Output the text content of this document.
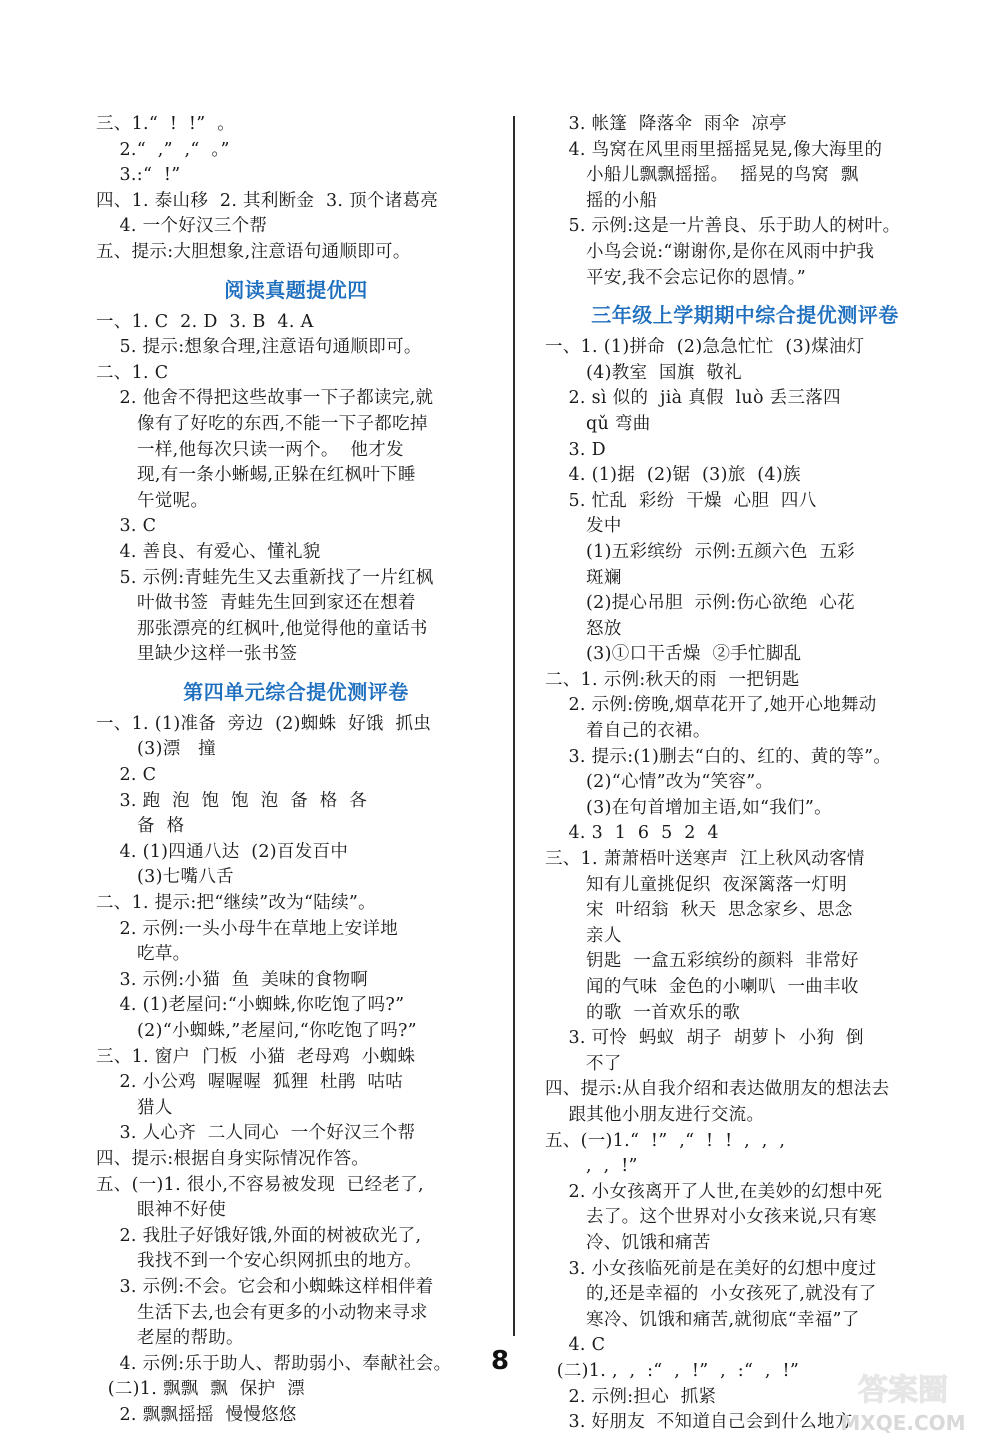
三、1.“  !  !”  。
2.“  ,”  ,“  。”
3.:“  !”
四、1. 泰山移  2. 其利断金  3. 顶个诸葛亮
4. 一个好汉三个帮
五、提示:大胆想象,注意语句通顺即可。
阅读真题提优四
一、1. C  2. D  3. B  4. A
5. 提示:想象合理,注意语句通顺即可。
二、1. C
2. 他舍不得把这些故事一下子都读完,就
像有了好吃的东西,不能一下子都吃掉
一样,他每次只读一两个。  他才发
现,有一条小蜥蜴,正躲在红枫叶下睡
午觉呢。
3. C
4. 善良、有爱心、懂礼貌
5. 示例:青蛙先生又去重新找了一片红枫
叶做书签  青蛙先生回到家还在想着
那张漂亮的红枫叶,他觉得他的童话书
里缺少这样一张书签
第四单元综合提优测评卷
一、1. (1)准备  旁边  (2)蜘蛛  好饿  抓虫
(3)漂   撞
2. C
3. 跑  泡  饱  饱  泡  备  格  各
备  格
4. (1)四通八达  (2)百发百中
(3)七嘴八舌
二、1. 提示:把“继续”改为“陆续”。
2. 示例:一头小母牛在草地上安详地
吃草。
3. 示例:小猫  鱼  美味的食物啊
4. (1)老屋问:“小蜘蛛,你吃饱了吗?”
(2)“小蜘蛛,”老屋问,“你吃饱了吗?”
三、1. 窗户  门板  小猫  老母鸡  小蜘蛛
2. 小公鸡  喔喔喔  狐狸  杜鹃  咕咕
猎人
3. 人心齐  二人同心  一个好汉三个帮
四、提示:根据自身实际情况作答。
五、(一)1. 很小,不容易被发现  已经老了,
眼神不好使
2. 我肚子好饿好饿,外面的树被砍光了,
我找不到一个安心织网抓虫的地方。
3. 示例:不会。它会和小蜘蛛这样相伴着
生活下去,也会有更多的小动物来寻求
老屋的帮助。
4. 示例:乐于助人、帮助弱小、奉献社会。
(二)1. 飘飘  飘  保护  漂
2. 飘飘摇摇  慢慢悠悠
3. 帐篷  降落伞  雨伞  凉亭
4. 鸟窝在风里雨里摇摇晃晃,像大海里的
小船儿飘飘摇摇。  摇晃的鸟窝  飘
摇的小船
5. 示例:这是一片善良、乐于助人的树叶。
小鸟会说:“谢谢你,是你在风雨中护我
平安,我不会忘记你的恩情。”
三年级上学期期中综合提优测评卷
一、1. (1)拼命  (2)急急忙忙  (3)煤油灯
(4)教室  国旗  敬礼
2. sì 似的  jià 真假  luò 丢三落四
qǔ 弯曲
3. D
4. (1)据  (2)锯  (3)旅  (4)族
5. 忙乱  彩纷  干燥  心胆  四八
发中
(1)五彩缤纷  示例:五颜六色  五彩
斑斓
(2)提心吊胆  示例:伤心欲绝  心花
怒放
(3)①口干舌燥  ②手忙脚乱
二、1. 示例:秋天的雨  一把钥匙
2. 示例:傍晚,烟草花开了,她开心地舞动
着自己的衣裙。
3. 提示:(1)删去“白的、红的、黄的等”。
(2)“心情”改为“笑容”。
(3)在句首增加主语,如“我们”。
4. 3  1  6  5  2  4
三、1. 萧萧梧叶送寒声  江上秋风动客情
知有儿童挑促织  夜深篱落一灯明
宋  叶绍翁  秋天  思念家乡、思念
亲人
钥匙  一盒五彩缤纷的颜料  非常好
闻的气味  金色的小喇叭  一曲丰收
的歌  一首欢乐的歌
3. 可怜  蚂蚁  胡子  胡萝卜  小狗  倒
不了
四、提示:从自我介绍和表达做朋友的想法去
跟其他小朋友进行交流。
五、(一)1.“  !”  ,“  !  !  ,  ,  ,
,  ,  !”
2. 小女孩离开了人世,在美妙的幻想中死
去了。这个世界对小女孩来说,只有寒
冷、饥饿和痛苦
3. 小女孩临死前是在美好的幻想中度过
的,还是幸福的  小女孩死了,就没有了
寒冷、饥饿和痛苦,就彻底“幸福”了
4. C
(二)1. ,  ,  :“  ,  !”  ,  :“  ,  !”
2. 示例:担心  抓紧
3. 好朋友  不知道自己会到什么地方
8
答案圈
MXQE.COM
